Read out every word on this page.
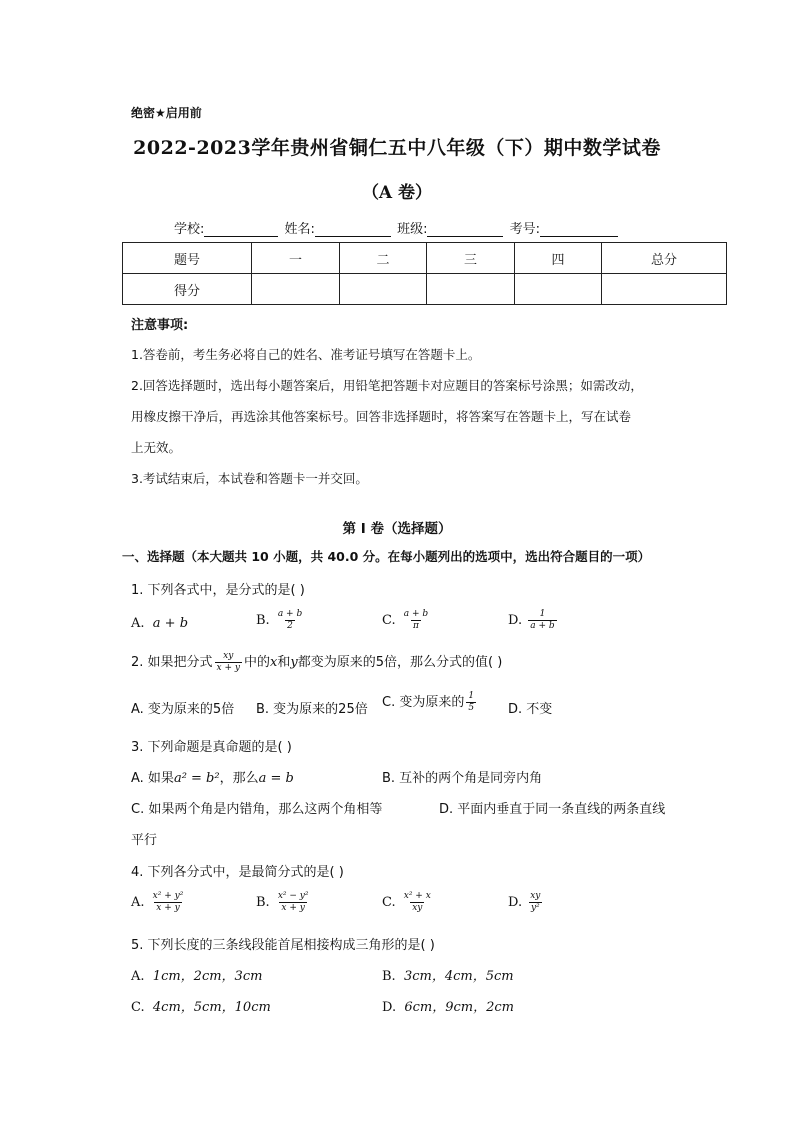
绝密★启用前
2022-2023学年贵州省铜仁五中八年级（下）期中数学试卷
（A 卷）
学校:	姓名:	班级:	考号:
题号	一	二	三	四	总分
得分					
注意事项:
1.答卷前，考生务必将自己的姓名、准考证号填写在答题卡上。
2.回答选择题时，选出每小题答案后，用铅笔把答题卡对应题目的答案标号涂黑；如需改动，
用橡皮擦干净后，再选涂其他答案标号。回答非选择题时，将答案写在答题卡上，写在试卷
上无效。
3.考试结束后，本试卷和答题卡一并交回。
第 I 卷（选择题）
一、选择题（本大题共 10 小题，共 40.0 分。在每小题列出的选项中，选出符合题目的一项）
1. 下列各式中，是分式的是( )
A. a + b	B. $\frac{a + b}{2}$	C. $\frac{a + b}{\pi}$	D. $\frac{1}{a + b}$
2. 如果把分式 $\frac{xy}{x + y}$ 中的x和y都变为原来的5倍，那么分式的值( )
A. 变为原来的5倍 B. 变为原来的25倍 C. 变为原来的 $\frac{1}{5} D$. 不变
3. 下列命题是真命题的是( )
A. 如果a² = b²，那么a = b	B. 互补的两个角是同旁内角
C. 如果两个角是内错角，那么这两个角相等	D. 平面内垂直于同一条直线的两条直线
平行
4. 下列各分式中，是最简分式的是( )
A. $\frac{\text{x² + y²}}{x + y}$	B. $\frac{\text{x² − y²}}{x + y}$	C. $\frac{\text{x² + x}}{xy}$	D. $\frac{xy}{\text{y²}}$
5. 下列长度的三条线段能首尾相接构成三角形的是( )
A. 1cm，2cm，3cm	B. 3cm，4cm，5cm
C. 4cm，5cm，10cm	D. 6cm，9cm，2cm
